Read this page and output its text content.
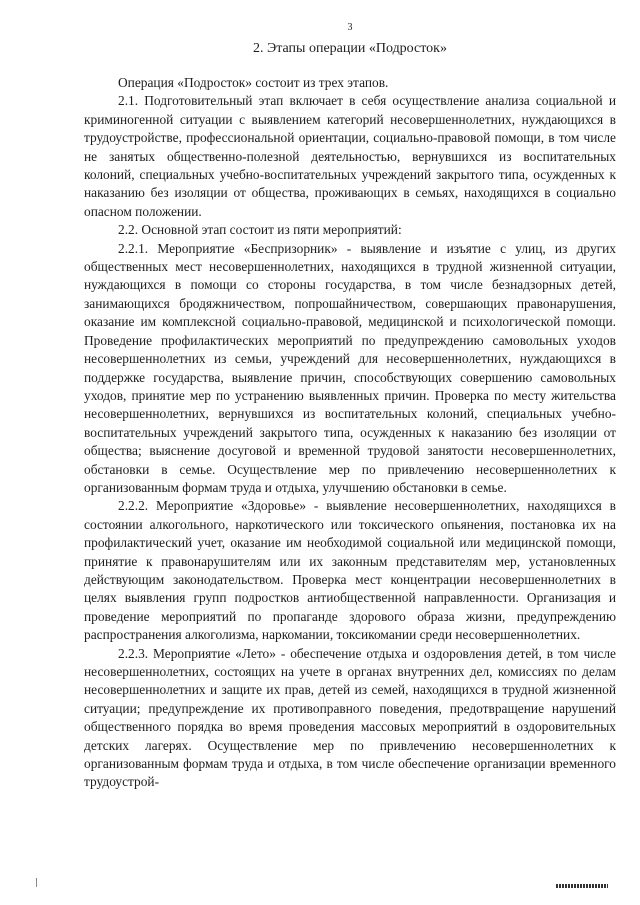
3
2. Этапы операции «Подросток»

Операция «Подросток» состоит из трех этапов.

2.1. Подготовительный этап включает в себя осуществление анализа социальной и криминогенной ситуации с выявлением категорий несовершеннолетних, нуждающихся в трудоустройстве, профессиональной ориентации, социально-правовой помощи, в том числе не занятых общественно-полезной деятельностью, вернувшихся из воспитательных колоний, специальных учебно-воспитательных учреждений закрытого типа, осужденных к наказанию без изоляции от общества, проживающих в семьях, находящихся в социально опасном положении.

2.2. Основной этап состоит из пяти мероприятий:

2.2.1. Мероприятие «Беспризорник» - выявление и изъятие с улиц, из других общественных мест несовершеннолетних, находящихся в трудной жизненной ситуации, нуждающихся в помощи со стороны государства, в том числе безнадзорных детей, занимающихся бродяжничеством, попрошайничеством, совершающих правонарушения, оказание им комплексной социально-правовой, медицинской и психологической помощи. Проведение профилактических мероприятий по предупреждению самовольных уходов несовершеннолетних из семьи, учреждений для несовершеннолетних, нуждающихся в поддержке государства, выявление причин, способствующих совершению самовольных уходов, принятие мер по устранению выявленных причин. Проверка по месту жительства несовершеннолетних, вернувшихся из воспитательных колоний, специальных учебно-воспитательных учреждений закрытого типа, осужденных к наказанию без изоляции от общества; выяснение досуговой и временной трудовой занятости несовершеннолетних, обстановки в семье. Осуществление мер по привлечению несовершеннолетних к организованным формам труда и отдыха, улучшению обстановки в семье.

2.2.2. Мероприятие «Здоровье» - выявление несовершеннолетних, находящихся в состоянии алкогольного, наркотического или токсического опьянения, постановка их на профилактический учет, оказание им необходимой социальной или медицинской помощи, принятие к правонарушителям или их законным представителям мер, установленных действующим законодательством. Проверка мест концентрации несовершеннолетних в целях выявления групп подростков антиобщественной направленности. Организация и проведение мероприятий по пропаганде здорового образа жизни, предупреждению распространения алкоголизма, наркомании, токсикомании среди несовершеннолетних.

2.2.3. Мероприятие «Лето» - обеспечение отдыха и оздоровления детей, в том числе несовершеннолетних, состоящих на учете в органах внутренних дел, комиссиях по делам несовершеннолетних и защите их прав, детей из семей, находящихся в трудной жизненной ситуации; предупреждение их противоправного поведения, предотвращение нарушений общественного порядка во время проведения массовых мероприятий в оздоровительных детских лагерях. Осуществление мер по привлечению несовершеннолетних к организованным формам труда и отдыха, в том числе обеспечение организации временного трудоустрой-
